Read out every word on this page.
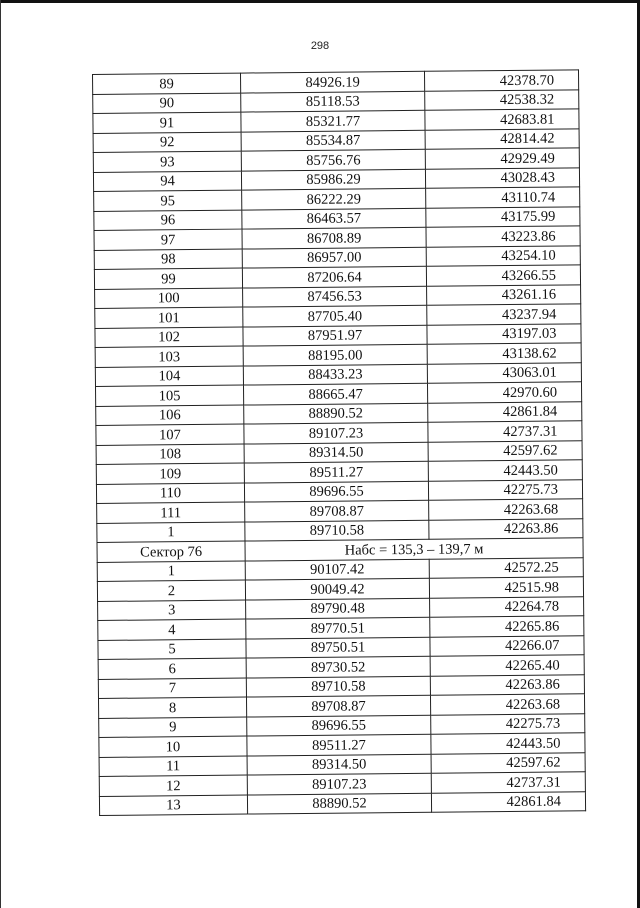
298
89	84926.19	42378.70
90	85118.53	42538.32
91	85321.77	42683.81
92	85534.87	42814.42
93	85756.76	42929.49
94	85986.29	43028.43
95	86222.29	43110.74
96	86463.57	43175.99
97	86708.89	43223.86
98	86957.00	43254.10
99	87206.64	43266.55
100	87456.53	43261.16
101	87705.40	43237.94
102	87951.97	43197.03
103	88195.00	43138.62
104	88433.23	43063.01
105	88665.47	42970.60
106	88890.52	42861.84
107	89107.23	42737.31
108	89314.50	42597.62
109	89511.27	42443.50
110	89696.55	42275.73
111	89708.87	42263.68
1	89710.58	42263.86
Сектор 76	Набс = 135,3 – 139,7 м	
1	90107.42	42572.25
2	90049.42	42515.98
3	89790.48	42264.78
4	89770.51	42265.86
5	89750.51	42266.07
6	89730.52	42265.40
7	89710.58	42263.86
8	89708.87	42263.68
9	89696.55	42275.73
10	89511.27	42443.50
11	89314.50	42597.62
12	89107.23	42737.31
13	88890.52	42861.84
